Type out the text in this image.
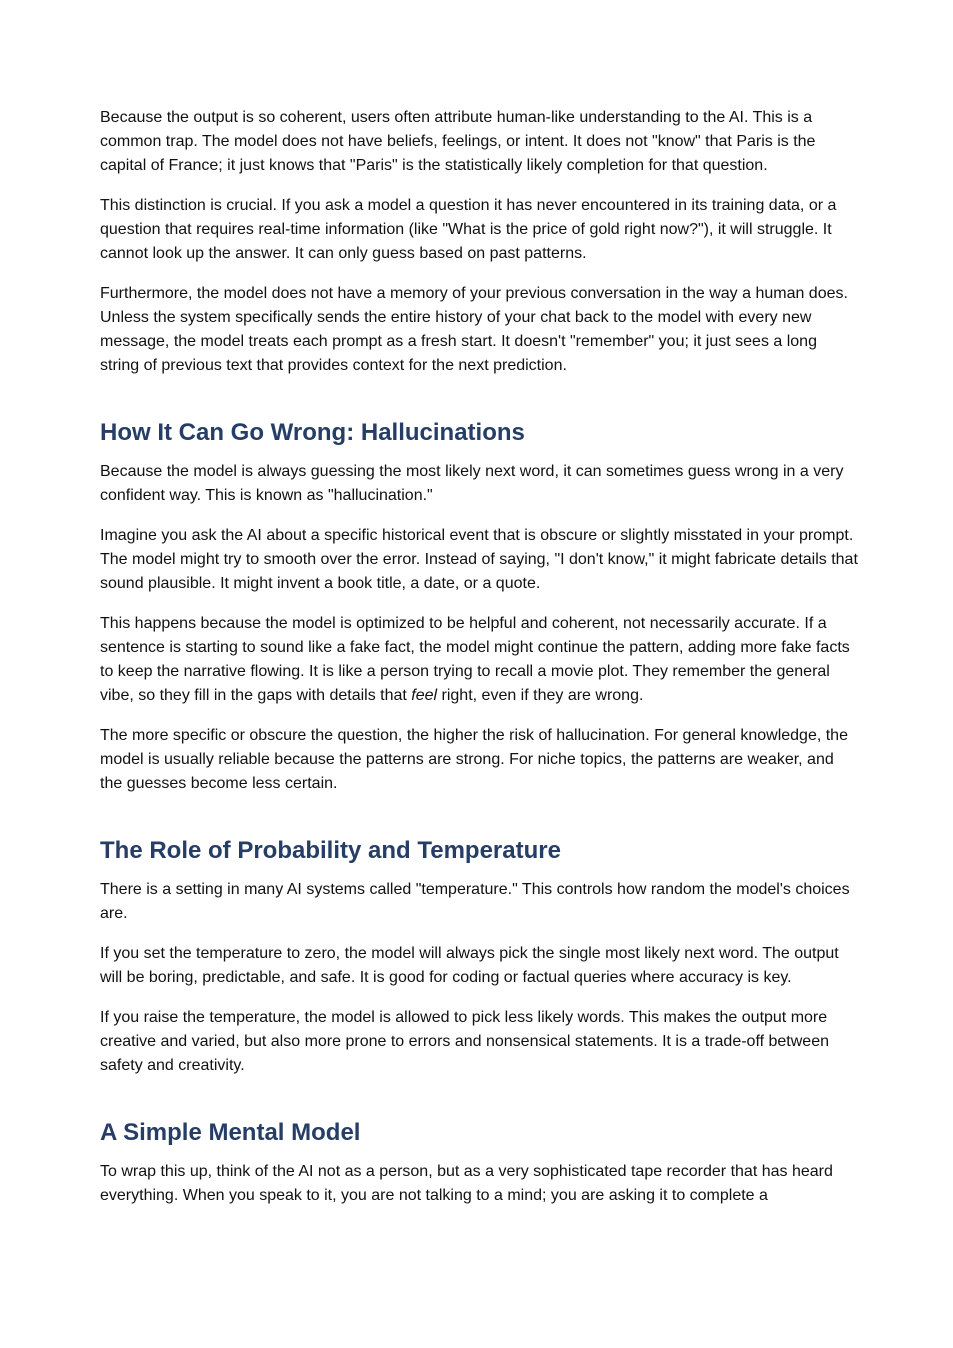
Because the output is so coherent, users often attribute human-like understanding to the AI. This is a common trap. The model does not have beliefs, feelings, or intent. It does not "know" that Paris is the capital of France; it just knows that "Paris" is the statistically likely completion for that question.

This distinction is crucial. If you ask a model a question it has never encountered in its training data, or a question that requires real-time information (like "What is the price of gold right now?"), it will struggle. It cannot look up the answer. It can only guess based on past patterns.

Furthermore, the model does not have a memory of your previous conversation in the way a human does. Unless the system specifically sends the entire history of your chat back to the model with every new message, the model treats each prompt as a fresh start. It doesn't "remember" you; it just sees a long string of previous text that provides context for the next prediction.

How It Can Go Wrong: Hallucinations

Because the model is always guessing the most likely next word, it can sometimes guess wrong in a very confident way. This is known as "hallucination."

Imagine you ask the AI about a specific historical event that is obscure or slightly misstated in your prompt. The model might try to smooth over the error. Instead of saying, "I don't know," it might fabricate details that sound plausible. It might invent a book title, a date, or a quote.

This happens because the model is optimized to be helpful and coherent, not necessarily accurate. If a sentence is starting to sound like a fake fact, the model might continue the pattern, adding more fake facts to keep the narrative flowing. It is like a person trying to recall a movie plot. They remember the general vibe, so they fill in the gaps with details that feel right, even if they are wrong.

The more specific or obscure the question, the higher the risk of hallucination. For general knowledge, the model is usually reliable because the patterns are strong. For niche topics, the patterns are weaker, and the guesses become less certain.

The Role of Probability and Temperature

There is a setting in many AI systems called "temperature." This controls how random the model's choices are.

If you set the temperature to zero, the model will always pick the single most likely next word. The output will be boring, predictable, and safe. It is good for coding or factual queries where accuracy is key.

If you raise the temperature, the model is allowed to pick less likely words. This makes the output more creative and varied, but also more prone to errors and nonsensical statements. It is a trade-off between safety and creativity.

A Simple Mental Model

To wrap this up, think of the AI not as a person, but as a very sophisticated tape recorder that has heard everything. When you speak to it, you are not talking to a mind; you are asking it to complete a
